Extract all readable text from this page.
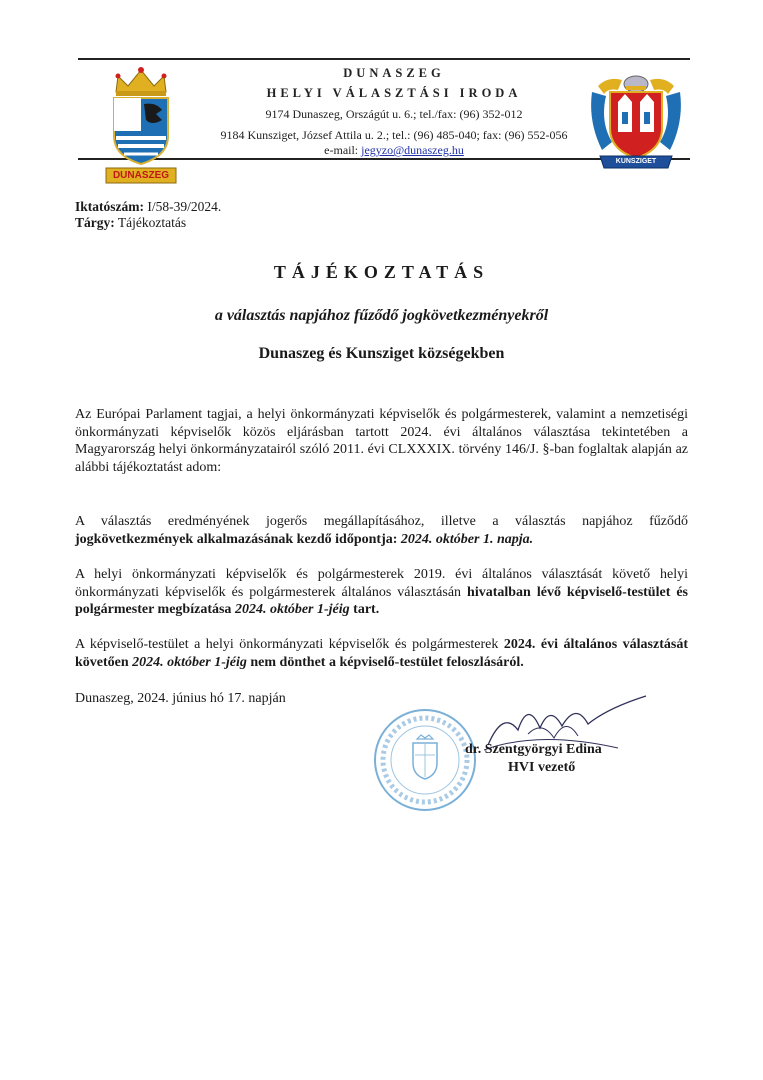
DUNASZEG
HELYI VÁLASZTÁSI IRODA
9174 Dunaszeg, Országút u. 6.; tel./fax: (96) 352-012
9184 Kunsziget, József Attila u. 2.; tel.: (96) 485-040; fax: (96) 552-056
e-mail: jegyzo@dunaszeg.hu
DUNASZEG
KUNSZIGET
Iktatószám: I/58-39/2024.
Tárgy: Tájékoztatás
TÁJÉKOZTATÁS
a választás napjához fűződő jogkövetkezményekről
Dunaszeg és Kunsziget községekben
Az Európai Parlament tagjai, a helyi önkormányzati képviselők és polgármesterek, valamint a nemzetiségi önkormányzati képviselők közös eljárásban tartott 2024. évi általános választása tekintetében a Magyarország helyi önkormányzatairól szóló 2011. évi CLXXXIX. törvény 146/J. §-ban foglaltak alapján az alábbi tájékoztatást adom:
A választás eredményének jogerős megállapításához, illetve a választás napjához fűződő jogkövetkezmények alkalmazásának kezdő időpontja: 2024. október 1. napja.
A helyi önkormányzati képviselők és polgármesterek 2019. évi általános választását követő helyi önkormányzati képviselők és polgármesterek általános választásán hivatalban lévő képviselő-testület és polgármester megbízatása 2024. október 1-jéig tart.
A képviselő-testület a helyi önkormányzati képviselők és polgármesterek 2024. évi általános választását követően 2024. október 1-jéig nem dönthet a képviselő-testület feloszlásáról.
Dunaszeg, 2024. június hó 17. napján
dr. Szentgyörgyi Edina
HVI vezető
